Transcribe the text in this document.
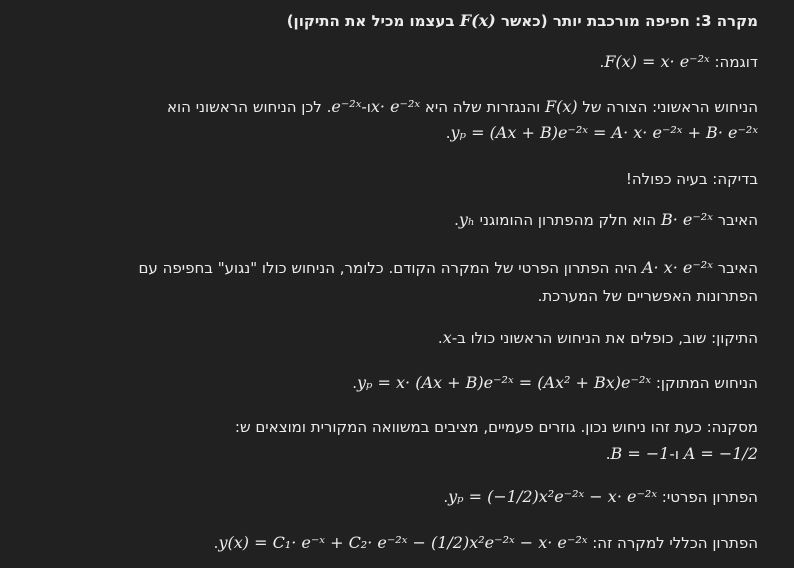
מקרה 3: חפיפה מורכבת יותר (כאשר F(x) בעצמו מכיל את התיקון)
דוגמה: F(x) = x· e⁻²ˣ.
הניחוש הראשוני: הצורה של F(x) והנגזרות שלה היא x· e⁻²ˣו-e⁻²ˣ. לכן הניחוש הראשוני הוא
yₚ = (Ax + B)e⁻²ˣ = A· x· e⁻²ˣ + B· e⁻²ˣ.
בדיקה: בעיה כפולה!
האיבר B· e⁻²ˣ הוא חלק מהפתרון ההומוגני yₕ.
האיבר A· x· e⁻²ˣ היה הפתרון הפרטי של המקרה הקודם. כלומר, הניחוש כולו "נגוע" בחפיפה עם
הפתרונות האפשריים של המערכת.
התיקון: שוב, כופלים את הניחוש הראשוני כולו ב-x.
הניחוש המתוקן: yₚ = x· (Ax + B)e⁻²ˣ = (Ax² + Bx)e⁻²ˣ.
מסקנה: כעת זהו ניחוש נכון. גוזרים פעמיים, מציבים במשוואה המקורית ומוצאים ש:
A = −1/2 ו-B = −1.
הפתרון הפרטי: yₚ = (−1/2)x²e⁻²ˣ − x· e⁻²ˣ.
הפתרון הכללי למקרה זה: y(x) = C₁· e⁻ˣ + C₂· e⁻²ˣ − (1/2)x²e⁻²ˣ − x· e⁻²ˣ.
